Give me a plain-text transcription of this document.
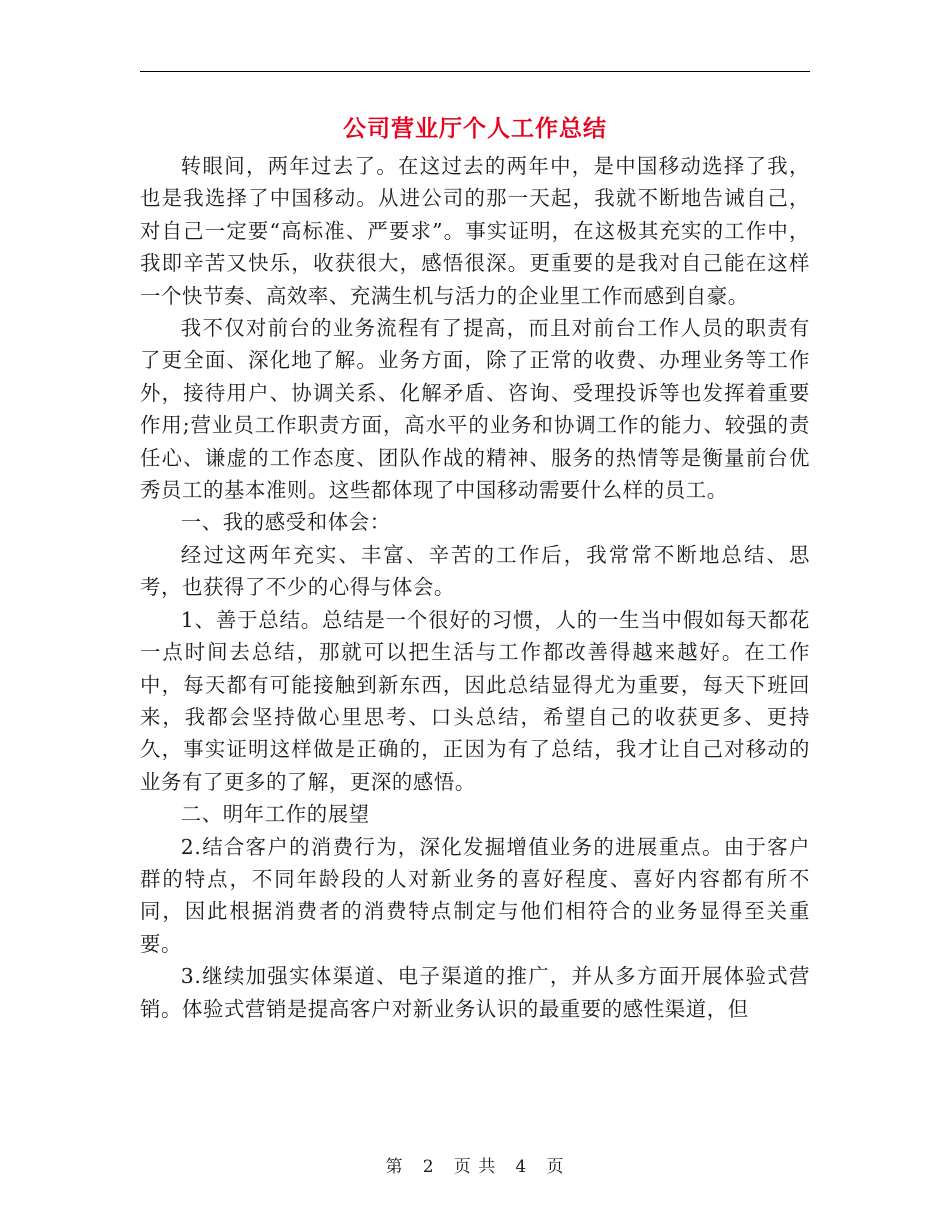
公司营业厅个人工作总结

转眼间，两年过去了。在这过去的两年中，是中国移动选择了我，也是我选择了中国移动。从进公司的那一天起，我就不断地告诫自己，对自己一定要“高标准、严要求”。事实证明，在这极其充实的工作中，我即辛苦又快乐，收获很大，感悟很深。更重要的是我对自己能在这样一个快节奏、高效率、充满生机与活力的企业里工作而感到自豪。

我不仅对前台的业务流程有了提高，而且对前台工作人员的职责有了更全面、深化地了解。业务方面，除了正常的收费、办理业务等工作外，接待用户、协调关系、化解矛盾、咨询、受理投诉等也发挥着重要作用;营业员工作职责方面，高水平的业务和协调工作的能力、较强的责任心、谦虚的工作态度、团队作战的精神、服务的热情等是衡量前台优秀员工的基本准则。这些都体现了中国移动需要什么样的员工。

一、我的感受和体会：

经过这两年充实、丰富、辛苦的工作后，我常常不断地总结、思考，也获得了不少的心得与体会。

1、善于总结。总结是一个很好的习惯，人的一生当中假如每天都花一点时间去总结，那就可以把生活与工作都改善得越来越好。在工作中，每天都有可能接触到新东西，因此总结显得尤为重要，每天下班回来，我都会坚持做心里思考、口头总结，希望自己的收获更多、更持久，事实证明这样做是正确的，正因为有了总结，我才让自己对移动的业务有了更多的了解，更深的感悟。

二、明年工作的展望

2.结合客户的消费行为，深化发掘增值业务的进展重点。由于客户群的特点，不同年龄段的人对新业务的喜好程度、喜好内容都有所不同，因此根据消费者的消费特点制定与他们相符合的业务显得至关重要。

3.继续加强实体渠道、电子渠道的推广，并从多方面开展体验式营销。体验式营销是提高客户对新业务认识的最重要的感性渠道，但

第 2 页 共 4 页
